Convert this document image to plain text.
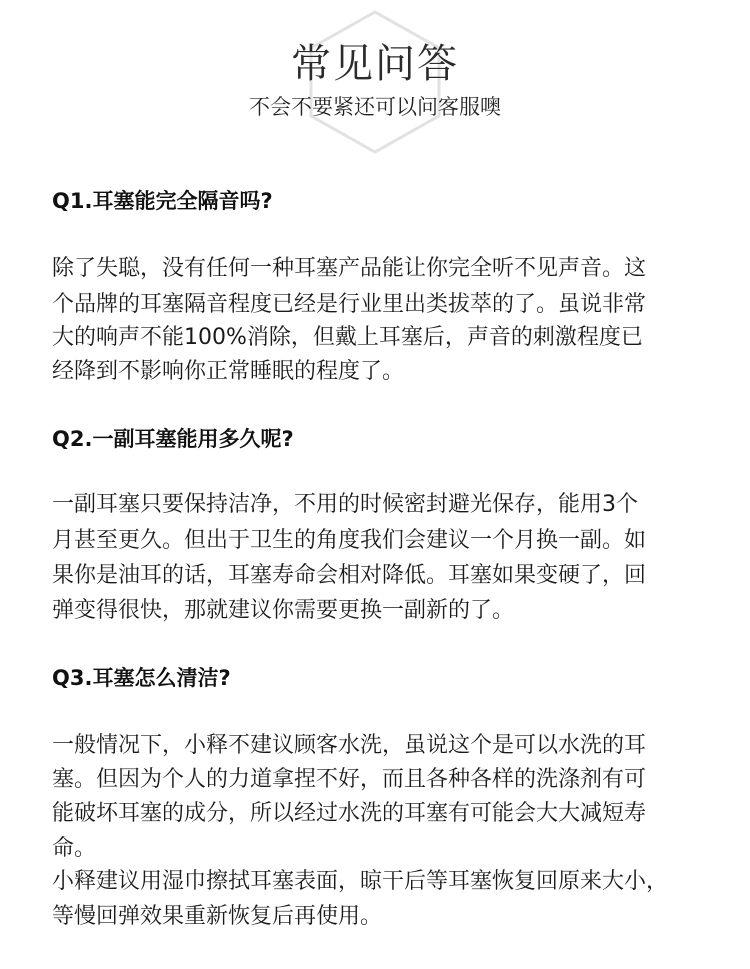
常见问答
不会不要紧还可以问客服噢
Q1.耳塞能完全隔音吗?
除了失聪，没有任何一种耳塞产品能让你完全听不见声音。这
个品牌的耳塞隔音程度已经是行业里出类拔萃的了。虽说非常
大的响声不能100%消除，但戴上耳塞后，声音的刺激程度已
经降到不影响你正常睡眠的程度了。
Q2.一副耳塞能用多久呢?
一副耳塞只要保持洁净，不用的时候密封避光保存，能用3个
月甚至更久。但出于卫生的角度我们会建议一个月换一副。如
果你是油耳的话，耳塞寿命会相对降低。耳塞如果变硬了，回
弹变得很快，那就建议你需要更换一副新的了。
Q3.耳塞怎么清洁?
一般情况下，小释不建议顾客水洗，虽说这个是可以水洗的耳
塞。但因为个人的力道拿捏不好，而且各种各样的洗涤剂有可
能破坏耳塞的成分，所以经过水洗的耳塞有可能会大大减短寿
命。
小释建议用湿巾擦拭耳塞表面，晾干后等耳塞恢复回原来大小，
等慢回弹效果重新恢复后再使用。
